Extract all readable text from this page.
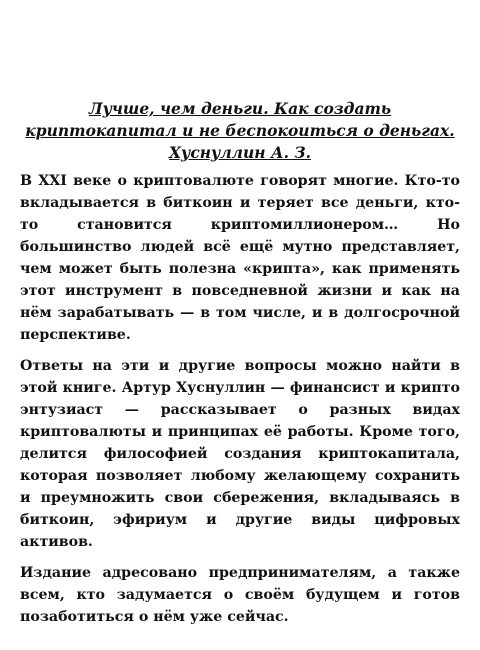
Лучше, чем деньги. Как создать криптокапитал и не беспокоиться о деньгах. Хуснуллин А. З.

В XXI веке о криптовалюте говорят многие. Кто-то вкладывается в биткоин и теряет все деньги, кто-то становится криптомиллионером… Но большинство людей всё ещё мутно представляет, чем может быть полезна «крипта», как применять этот инструмент в повседневной жизни и как на нём зарабатывать — в том числе, и в долгосрочной перспективе.

Ответы на эти и другие вопросы можно найти в этой книге. Артур Хуснуллин — финансист и крипто энтузиаст — рассказывает о разных видах криптовалюты и принципах её работы. Кроме того, делится философией создания криптокапитала, которая позволяет любому желающему сохранить и преумножить свои сбережения, вкладываясь в биткоин, эфириум и другие виды цифровых активов.

Издание адресовано предпринимателям, а также всем, кто задумается о своём будущем и готов позаботиться о нём уже сейчас.
